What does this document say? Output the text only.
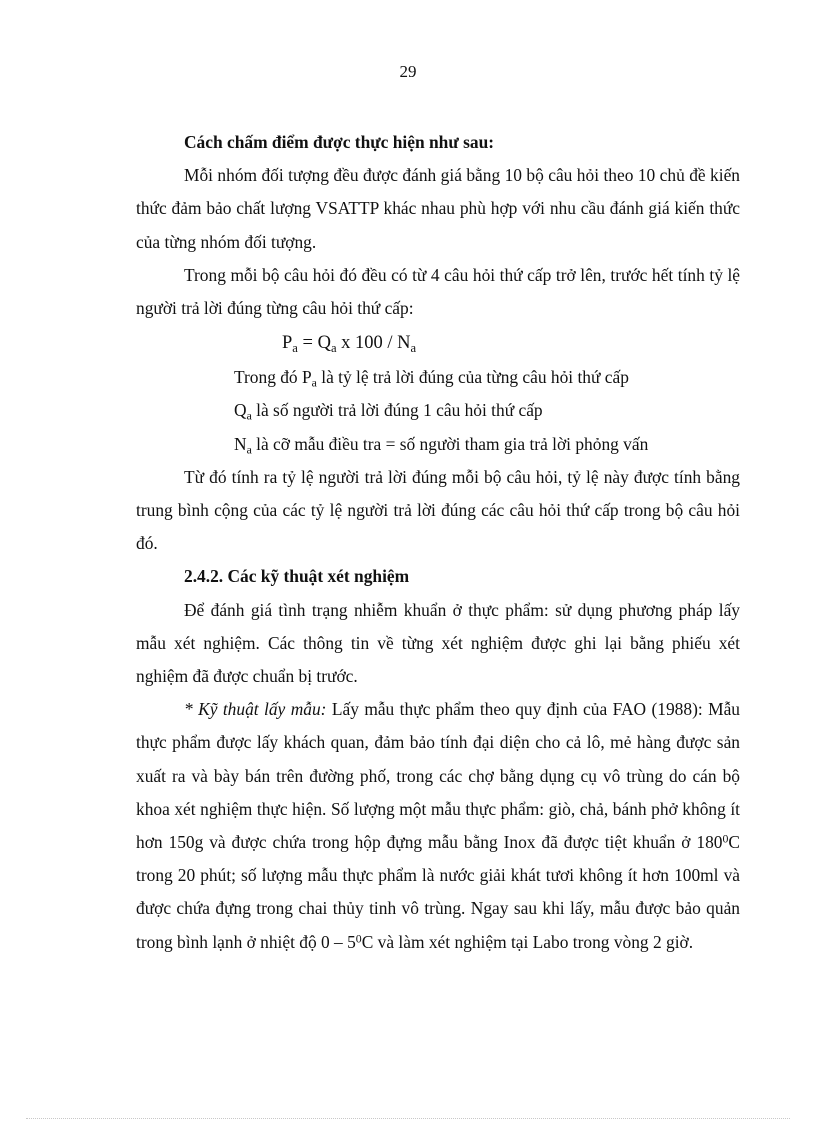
29

Cách chấm điểm được thực hiện như sau:

Mỗi nhóm đối tượng đều được đánh giá bằng 10 bộ câu hỏi theo 10 chủ đề kiến thức đảm bảo chất lượng VSATTP khác nhau phù hợp với nhu cầu đánh giá kiến thức của từng nhóm đối tượng.

Trong mỗi bộ câu hỏi đó đều có từ 4 câu hỏi thứ cấp trở lên, trước hết tính tỷ lệ người trả lời đúng từng câu hỏi thứ cấp:

$P_a = Q_a$ x $100 / N_a$

Trong đó $P_a$ là tỷ lệ trả lời đúng của từng câu hỏi thứ cấp

$Q_a$ là số người trả lời đúng 1 câu hỏi thứ cấp

$N_a$ là cỡ mẫu điều tra = số người tham gia trả lời phỏng vấn

Từ đó tính ra tỷ lệ người trả lời đúng mỗi bộ câu hỏi, tỷ lệ này được tính bằng trung bình cộng của các tỷ lệ người trả lời đúng các câu hỏi thứ cấp trong bộ câu hỏi đó.

2.4.2. Các kỹ thuật xét nghiệm

Để đánh giá tình trạng nhiễm khuẩn ở thực phẩm: sử dụng phương pháp lấy mẫu xét nghiệm. Các thông tin về từng xét nghiệm được ghi lại bằng phiếu xét nghiệm đã được chuẩn bị trước.

* Kỹ thuật lấy mẫu: Lấy mẫu thực phẩm theo quy định của FAO (1988): Mẫu thực phẩm được lấy khách quan, đảm bảo tính đại diện cho cả lô, mẻ hàng được sản xuất ra và bày bán trên đường phố, trong các chợ bằng dụng cụ vô trùng do cán bộ khoa xét nghiệm thực hiện. Số lượng một mẫu thực phẩm: giò, chả, bánh phở không ít hơn 150g và được chứa trong hộp đựng mẫu bằng Inox đã được tiệt khuẩn ở $180^0C$ trong 20 phút; số lượng mẫu thực phẩm là nước giải khát tươi không ít hơn 100ml và được chứa đựng trong chai thủy tinh vô trùng. Ngay sau khi lấy, mẫu được bảo quản trong bình lạnh ở nhiệt độ $0 - 5^0C$ và làm xét nghiệm tại Labo trong vòng 2 giờ.
